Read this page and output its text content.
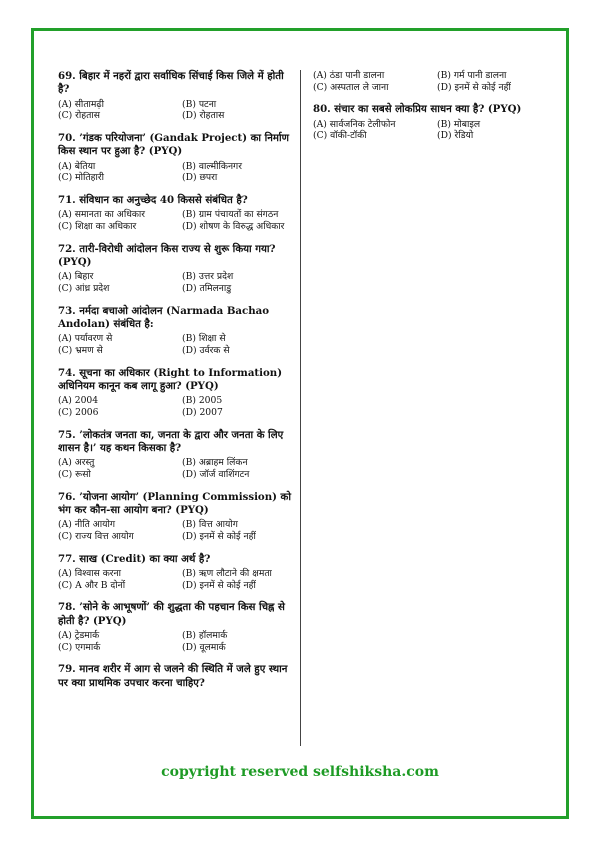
69. बिहार में नहरों द्वारा सर्वाधिक सिंचाई किस जिले में होती है?
(A) सीतामढ़ी	(B) पटना
(C) रोहतास	(D) रोहतास
70. ’गंडक परियोजना’ (Gandak Project) का निर्माण किस स्थान पर हुआ है? (PYQ)
(A) बेतिया	(B) वाल्मीकिनगर
(C) मोतिहारी	(D) छपरा
71. संविधान का अनुच्छेद 40 किससे संबंधित है?
(A) समानता का अधिकार	(B) ग्राम पंचायतों का संगठन
(C) शिक्षा का अधिकार	(D) शोषण के विरुद्ध अधिकार
72. तारी-विरोधी आंदोलन किस राज्य से शुरू किया गया? (PYQ)
(A) बिहार	(B) उत्तर प्रदेश
(C) आंध्र प्रदेश	(D) तमिलनाडु
73. नर्मदा बचाओ आंदोलन (Narmada Bachao Andolan) संबंधित है:
(A) पर्यावरण से	(B) शिक्षा से
(C) भ्रमण से	(D) उर्वरक से
74. सूचना का अधिकार (Right to Information) अधिनियम कानून कब लागू हुआ? (PYQ)
(A) 2004	(B) 2005
(C) 2006	(D) 2007
75. ’लोकतंत्र जनता का, जनता के द्वारा और जनता के लिए शासन है।’ यह कथन किसका है?
(A) अरस्तु	(B) अब्राहम लिंकन
(C) रूसो	(D) जॉर्ज वाशिंगटन
76. ’योजना आयोग’ (Planning Commission) को भंग कर कौन-सा आयोग बना? (PYQ)
(A) नीति आयोग	(B) वित्त आयोग
(C) राज्य वित्त आयोग	(D) इनमें से कोई नहीं
77. साख (Credit) का क्या अर्थ है?
(A) विश्वास करना	(B) ऋण लौटाने की क्षमता
(C) A और B दोनों	(D) इनमें से कोई नहीं
78. ’सोने के आभूषणों’ की शुद्धता की पहचान किस चिह्न से होती है? (PYQ)
(A) ट्रेडमार्क	(B) हॉलमार्क
(C) एगमार्क	(D) वूलमार्क
79. मानव शरीर में आग से जलने की स्थिति में जले हुए स्थान पर क्या प्राथमिक उपचार करना चाहिए?
(A) ठंडा पानी डालना	(B) गर्म पानी डालना
(C) अस्पताल ले जाना	(D) इनमें से कोई नहीं
80. संचार का सबसे लोकप्रिय साधन क्या है? (PYQ)
(A) सार्वजनिक टेलीफोन	(B) मोबाइल
(C) वॉकी-टॉकी	(D) रेडियो
copyright reserved selfshiksha.com
